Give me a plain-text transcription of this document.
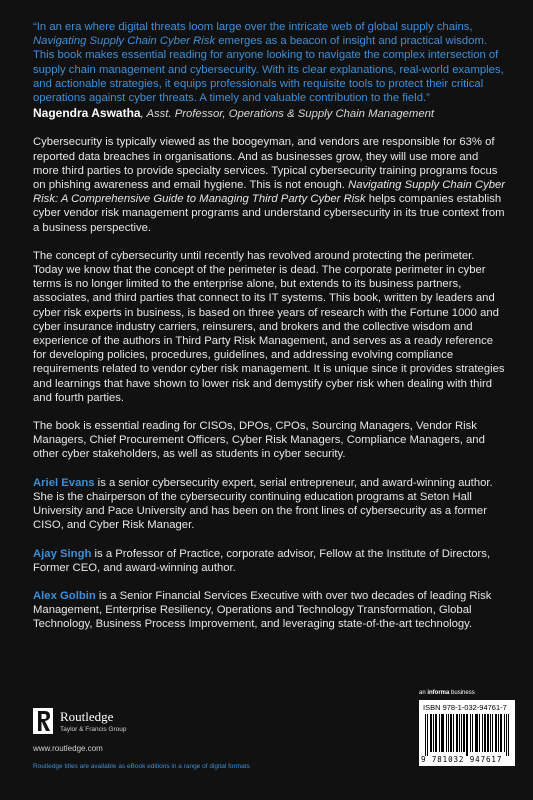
“In an era where digital threats loom large over the intricate web of global supply chains, Navigating Supply Chain Cyber Risk emerges as a beacon of insight and practical wisdom. This book makes essential reading for anyone looking to navigate the complex intersection of supply chain management and cybersecurity. With its clear explanations, real-world examples, and actionable strategies, it equips professionals with requisite tools to protect their critical operations against cyber threats. A timely and valuable contribution to the field.”

Nagendra Aswatha, Asst. Professor, Operations & Supply Chain Management

Cybersecurity is typically viewed as the boogeyman, and vendors are responsible for 63% of reported data breaches in organisations. And as businesses grow, they will use more and more third parties to provide specialty services. Typical cybersecurity training programs focus on phishing awareness and email hygiene. This is not enough. Navigating Supply Chain Cyber Risk: A Comprehensive Guide to Managing Third Party Cyber Risk helps companies establish cyber vendor risk management programs and understand cybersecurity in its true context from a business perspective.

The concept of cybersecurity until recently has revolved around protecting the perimeter. Today we know that the concept of the perimeter is dead. The corporate perimeter in cyber terms is no longer limited to the enterprise alone, but extends to its business partners, associates, and third parties that connect to its IT systems. This book, written by leaders and cyber risk experts in business, is based on three years of research with the Fortune 1000 and cyber insurance industry carriers, reinsurers, and brokers and the collective wisdom and experience of the authors in Third Party Risk Management, and serves as a ready reference for developing policies, procedures, guidelines, and addressing evolving compliance requirements related to vendor cyber risk management. It is unique since it provides strategies and learnings that have shown to lower risk and demystify cyber risk when dealing with third and fourth parties.

The book is essential reading for CISOs, DPOs, CPOs, Sourcing Managers, Vendor Risk Managers, Chief Procurement Officers, Cyber Risk Managers, Compliance Managers, and other cyber stakeholders, as well as students in cyber security.

Ariel Evans is a senior cybersecurity expert, serial entrepreneur, and award-winning author. She is the chairperson of the cybersecurity continuing education programs at Seton Hall University and Pace University and has been on the front lines of cybersecurity as a former CISO, and Cyber Risk Manager.

Ajay Singh is a Professor of Practice, corporate advisor, Fellow at the Institute of Directors, Former CEO, and award-winning author.

Alex Golbin is a Senior Financial Services Executive with over two decades of leading Risk Management, Enterprise Resiliency, Operations and Technology Transformation, Global Technology, Business Process Improvement, and leveraging state-of-the-art technology.

an informa business
Routledge
Taylor & Francis Group
www.routledge.com
Routledge titles are available as eBook editions in a range of digital formats
ISBN 978-1-032-94761-7
9 781032 947617
